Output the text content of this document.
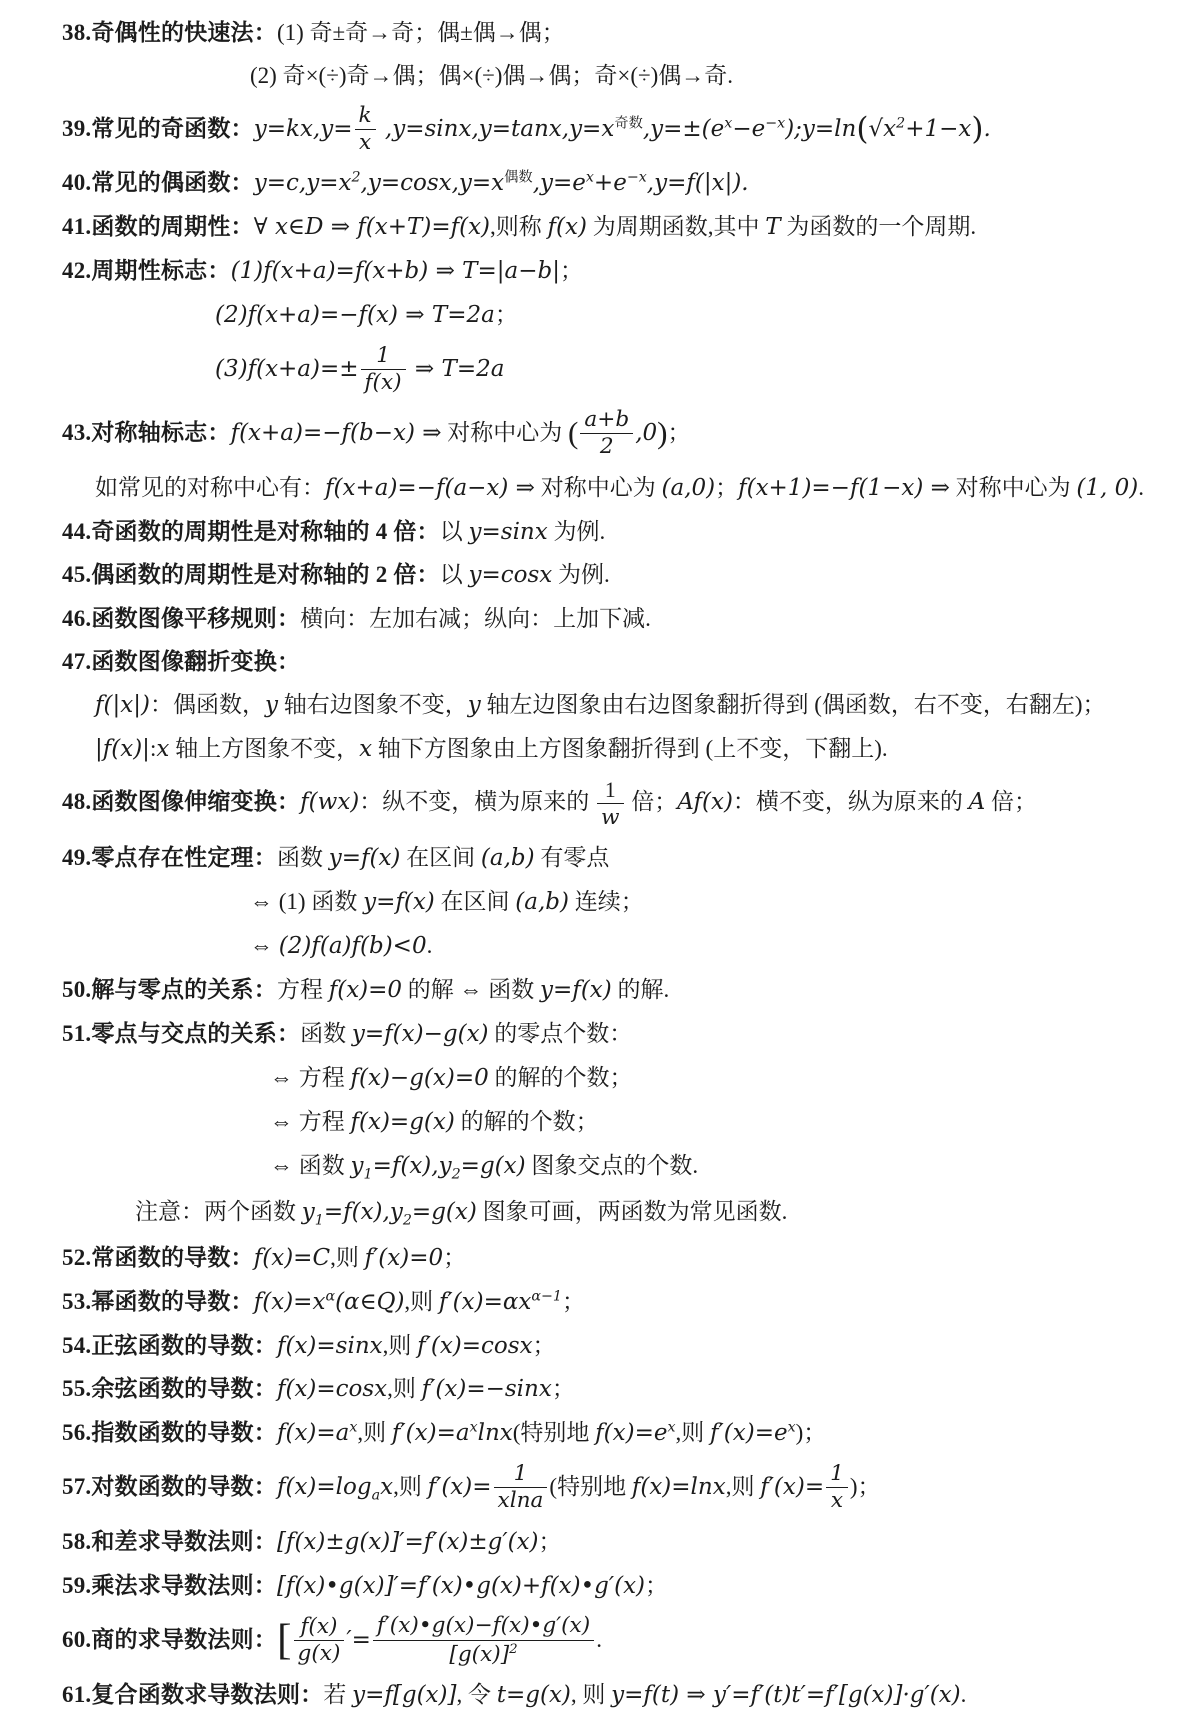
38.奇偶性的快速法：(1) 奇±奇→奇；偶±偶→偶；
(2) 奇×(÷)奇→偶；偶×(÷)偶→偶；奇×(÷)偶→奇.
39.常见的奇函数：$y=kx,y= \frac{k}{x}$ $,y=\sin x,y=\tan x,y=x^{奇数},y=\pm(e^x-e^{-x});y=\ln(√x^2+1-x)$.
40.常见的偶函数：$y=c,y=x^2,y=\cos x,y=x^{偶数},y=e^x+e^{-x},y=f(|x|)$.
41.函数的周期性：∀ x∈D ⇒ f(x+T)=f(x),则称 f(x) 为周期函数,其中 T 为函数的一个周期.
42.周期性标志：(1)f(x+a)=f(x+b) ⇒ T=|a−b|；
(2)f(x+a)=−f(x) ⇒ T=2a；
$(3)f(x+a)=\pm \frac{1}{f(x)}$ ⇒ T=2a
43.对称轴标志：f(x+a)=−f(b−x) ⇒ 对称中心为 ( $\frac{a+b}{2} ,0$)；
如常见的对称中心有：f(x+a)=−f(a−x) ⇒ 对称中心为 (a,0)；f(x+1)=−f(1−x) ⇒ 对称中心为 (1, 0).
44.奇函数的周期性是对称轴的 4 倍：以 y=sinx 为例.
45.偶函数的周期性是对称轴的 2 倍：以 y=cosx 为例.
46.函数图像平移规则：横向：左加右减；纵向：上加下减.
47.函数图像翻折变换：
f(|x|)：偶函数，y 轴右边图象不变，y 轴左边图象由右边图象翻折得到 (偶函数，右不变，右翻左)；
|f(x)|:x 轴上方图象不变，x 轴下方图象由上方图象翻折得到 (上不变，下翻上).
48.函数图像伸缩变换：f(wx)：纵不变，横为原来的 $\frac{1}{w}$ 倍；Af(x)：横不变，纵为原来的 A 倍；
49.零点存在性定理：函数 y=f(x) 在区间 (a,b) 有零点
⇔ (1) 函数 y=f(x) 在区间 (a,b) 连续；
⇔ (2)f(a)f(b)<0.
50.解与零点的关系：方程 f(x)=0 的解 ⇔ 函数 y=f(x) 的解.
51.零点与交点的关系：函数 y=f(x)−g(x) 的零点个数：
⇔ 方程 f(x)−g(x)=0 的解的个数；
⇔ 方程 f(x)=g(x) 的解的个数；
⇔ 函数 $y_1=f(x),y_2=g(x)$ 图象交点的个数.
注意：两个函数 $y_1=f(x),y_2=g(x)$ 图象可画，两函数为常见函数.
52.常函数的导数：f(x)=C,则 f′(x)=0；
53.幂函数的导数：$f(x)=x^\alpha(\alpha\in Q)$,则 $f'(x)=\alpha x^{\alpha-1}$；
54.正弦函数的导数：f(x)=sinx,则 f′(x)=cosx；
55.余弦函数的导数：f(x)=cosx,则 f′(x)=−sinx；
56.指数函数的导数：$f(x)=a^x$,则 $f'(x)=a^x\ln x$(特别地 $f(x)=e^x$,则 $f'(x)=e^x$)；
57.对数函数的导数：$f(x)=\log_ax$,则 $f'(x)= \frac{1}{xlna}$ (特别地 f(x)=lnx,则 $f'(x)= \frac{1}{x}$ )；
58.和差求导数法则：[f(x)±g(x)]′=f′(x)±g′(x)；
59.乘法求导数法则：[f(x)•g(x)]′=f′(x)•g(x)+f(x)•g′(x)；
60.商的求导数法则：[ $\frac{f(x)}{g(x)}$ ′= $\frac{f'(x)•g(x)-f(x)•g'(x)}{[g(x)]^2}$ .
61.复合函数求导数法则：若 y=f[g(x)], 令 t=g(x), 则 y=f(t) ⇒ y′=f′(t)t′=f′[g(x)]·g′(x).
